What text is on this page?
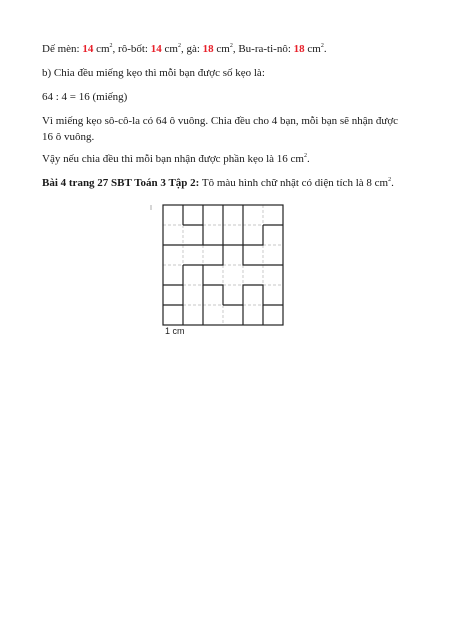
Dế mèn: 14 $cm^2$, rô-bốt: 14 $cm^2$, gà: 18 $cm^2$, Bu-ra-ti-nô: 18 $cm^2$.
b) Chia đều miếng kẹo thì mỗi bạn được số kẹo là:
64 : 4 = 16 (miếng)
Vì miếng kẹo sô-cô-la có 64 ô vuông. Chia đều cho 4 bạn, mỗi bạn sẽ nhận được
16 ô vuông.
Vậy nếu chia đều thì mỗi bạn nhận được phần kẹo là 16 $cm^2$.
Bài 4 trang 27 SBT Toán 3 Tập 2: Tô màu hình chữ nhật có diện tích là 8 $cm^2$.
1 cm
